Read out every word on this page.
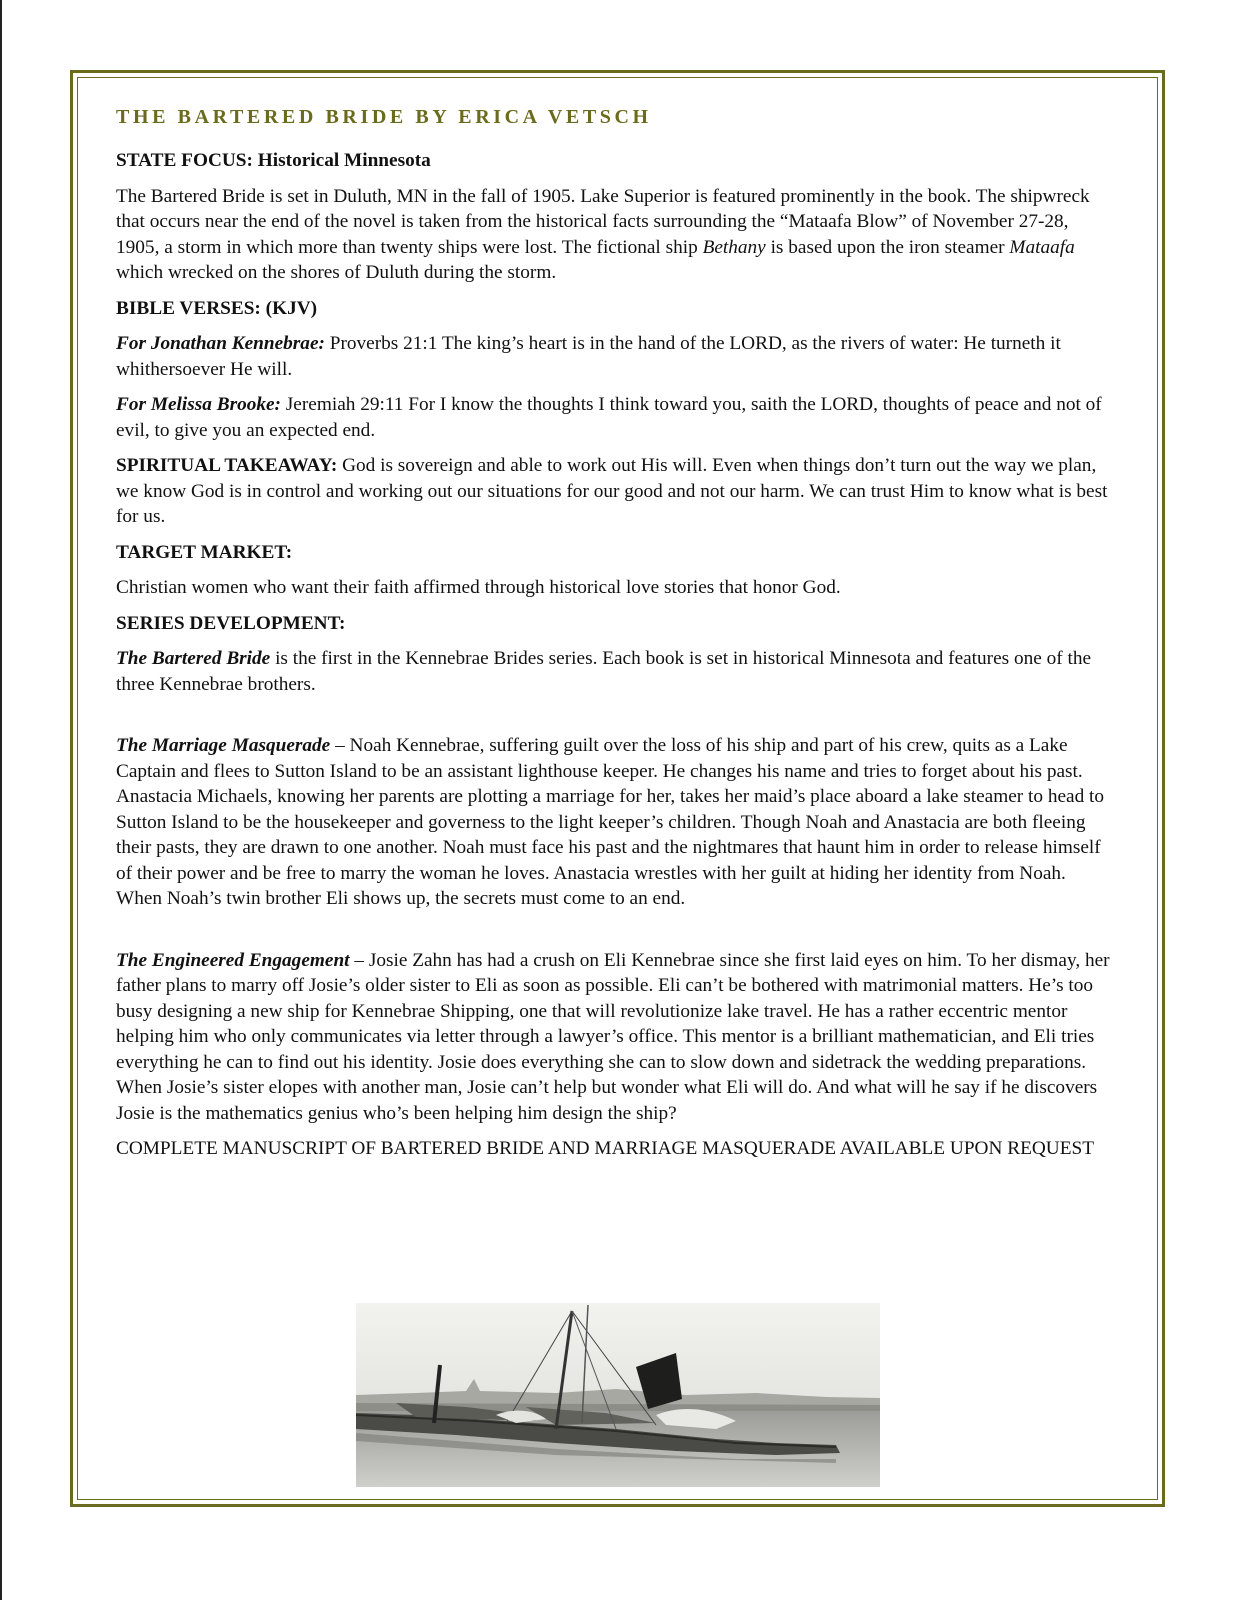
THE BARTERED BRIDE BY ERICA VETSCH
STATE FOCUS: Historical Minnesota

The Bartered Bride is set in Duluth, MN in the fall of 1905. Lake Superior is featured prominently in the book. The shipwreck that occurs near the end of the novel is taken from the historical facts surrounding the “Mataafa Blow” of November 27-28, 1905, a storm in which more than twenty ships were lost. The fictional ship Bethany is based upon the iron steamer Mataafa which wrecked on the shores of Duluth during the storm.

BIBLE VERSES: (KJV)

For Jonathan Kennebrae: Proverbs 21:1 The king’s heart is in the hand of the LORD, as the rivers of water: He turneth it whithersoever He will.

For Melissa Brooke: Jeremiah 29:11 For I know the thoughts I think toward you, saith the LORD, thoughts of peace and not of evil, to give you an expected end.

SPIRITUAL TAKEAWAY: God is sovereign and able to work out His will. Even when things don’t turn out the way we plan, we know God is in control and working out our situations for our good and not our harm. We can trust Him to know what is best for us.

TARGET MARKET:

Christian women who want their faith affirmed through historical love stories that honor God.

SERIES DEVELOPMENT:

The Bartered Bride is the first in the Kennebrae Brides series. Each book is set in historical Minnesota and features one of the three Kennebrae brothers.

The Marriage Masquerade – Noah Kennebrae, suffering guilt over the loss of his ship and part of his crew, quits as a Lake Captain and flees to Sutton Island to be an assistant lighthouse keeper. He changes his name and tries to forget about his past. Anastacia Michaels, knowing her parents are plotting a marriage for her, takes her maid’s place aboard a lake steamer to head to Sutton Island to be the housekeeper and governess to the light keeper’s children. Though Noah and Anastacia are both fleeing their pasts, they are drawn to one another. Noah must face his past and the nightmares that haunt him in order to release himself of their power and be free to marry the woman he loves. Anastacia wrestles with her guilt at hiding her identity from Noah. When Noah’s twin brother Eli shows up, the secrets must come to an end.

The Engineered Engagement – Josie Zahn has had a crush on Eli Kennebrae since she first laid eyes on him. To her dismay, her father plans to marry off Josie’s older sister to Eli as soon as possible. Eli can’t be bothered with matrimonial matters. He’s too busy designing a new ship for Kennebrae Shipping, one that will revolutionize lake travel. He has a rather eccentric mentor helping him who only communicates via letter through a lawyer’s office. This mentor is a brilliant mathematician, and Eli tries everything he can to find out his identity. Josie does everything she can to slow down and sidetrack the wedding preparations. When Josie’s sister elopes with another man, Josie can’t help but wonder what Eli will do. And what will he say if he discovers Josie is the mathematics genius who’s been helping him design the ship?

COMPLETE MANUSCRIPT OF BARTERED BRIDE AND MARRIAGE MASQUERADE AVAILABLE UPON REQUEST
